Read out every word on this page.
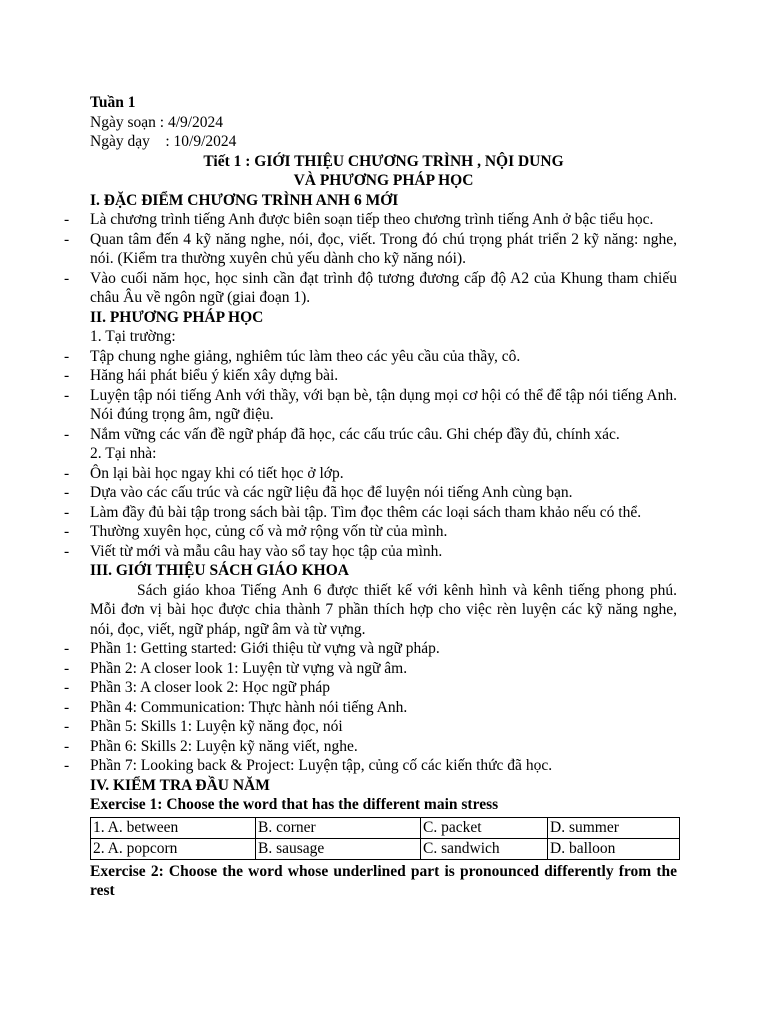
Tuần 1

Ngày soạn : 4/9/2024

Ngày dạy    : 10/9/2024

Tiết 1 : GIỚI THIỆU CHƯƠNG TRÌNH , NỘI DUNG

VÀ PHƯƠNG PHÁP HỌC

I. ĐẶC ĐIỂM CHƯƠNG TRÌNH ANH 6 MỚI

- Là chương trình tiếng Anh được biên soạn tiếp theo chương trình tiếng Anh ở bậc tiểu học.

- Quan tâm đến 4 kỹ năng nghe, nói, đọc, viết. Trong đó chú trọng phát triển 2 kỹ năng: nghe, nói. (Kiểm tra thường xuyên chủ yếu dành cho kỹ năng nói).

- Vào cuối năm học, học sinh cần đạt trình độ tương đương cấp độ A2 của Khung tham chiếu châu Âu về ngôn ngữ (giai đoạn 1).

II. PHƯƠNG PHÁP HỌC

1. Tại trường:

- Tập chung nghe giảng, nghiêm túc làm theo các yêu cầu của thầy, cô.

- Hăng hái phát biểu ý kiến xây dựng bài.

- Luyện tập nói tiếng Anh với thầy, với bạn bè, tận dụng mọi cơ hội có thể để tập nói tiếng Anh. Nói đúng trọng âm, ngữ điệu.

- Nắm vững các vấn đề ngữ pháp đã học, các cấu trúc câu. Ghi chép đầy đủ, chính xác.

2. Tại nhà:

- Ôn lại bài học ngay khi có tiết học ở lớp.

- Dựa vào các cấu trúc và các ngữ liệu đã học để luyện nói tiếng Anh cùng bạn.

- Làm đầy đủ bài tập trong sách bài tập. Tìm đọc thêm các loại sách tham khảo nếu có thể.

- Thường xuyên học, củng cố và mở rộng vốn từ của mình.

- Viết từ mới và mẫu câu hay vào sổ tay học tập của mình.

III. GIỚI THIỆU SÁCH GIÁO KHOA

Sách giáo khoa Tiếng Anh 6 được thiết kế với kênh hình và kênh tiếng phong phú. Mỗi đơn vị bài học được chia thành 7 phần thích hợp cho việc rèn luyện các kỹ năng nghe, nói, đọc, viết, ngữ pháp, ngữ âm và từ vựng.

- Phần 1: Getting started: Giới thiệu từ vựng và ngữ pháp.

- Phần 2: A closer look 1: Luyện từ vựng và ngữ âm.

- Phần 3: A closer look 2: Học ngữ pháp

- Phần 4: Communication: Thực hành nói tiếng Anh.

- Phần 5: Skills 1: Luyện kỹ năng đọc, nói

- Phần 6: Skills 2: Luyện kỹ năng viết, nghe.

- Phần 7: Looking back & Project: Luyện tập, củng cố các kiến thức đã học.

IV. KIỂM TRA ĐẦU NĂM

Exercise 1: Choose the word that has the different main stress

1. A. between	B. corner	C. packet	D. summer
2. A. popcorn	B. sausage	C. sandwich	D. balloon

Exercise 2: Choose the word whose underlined part is pronounced differently from the rest
